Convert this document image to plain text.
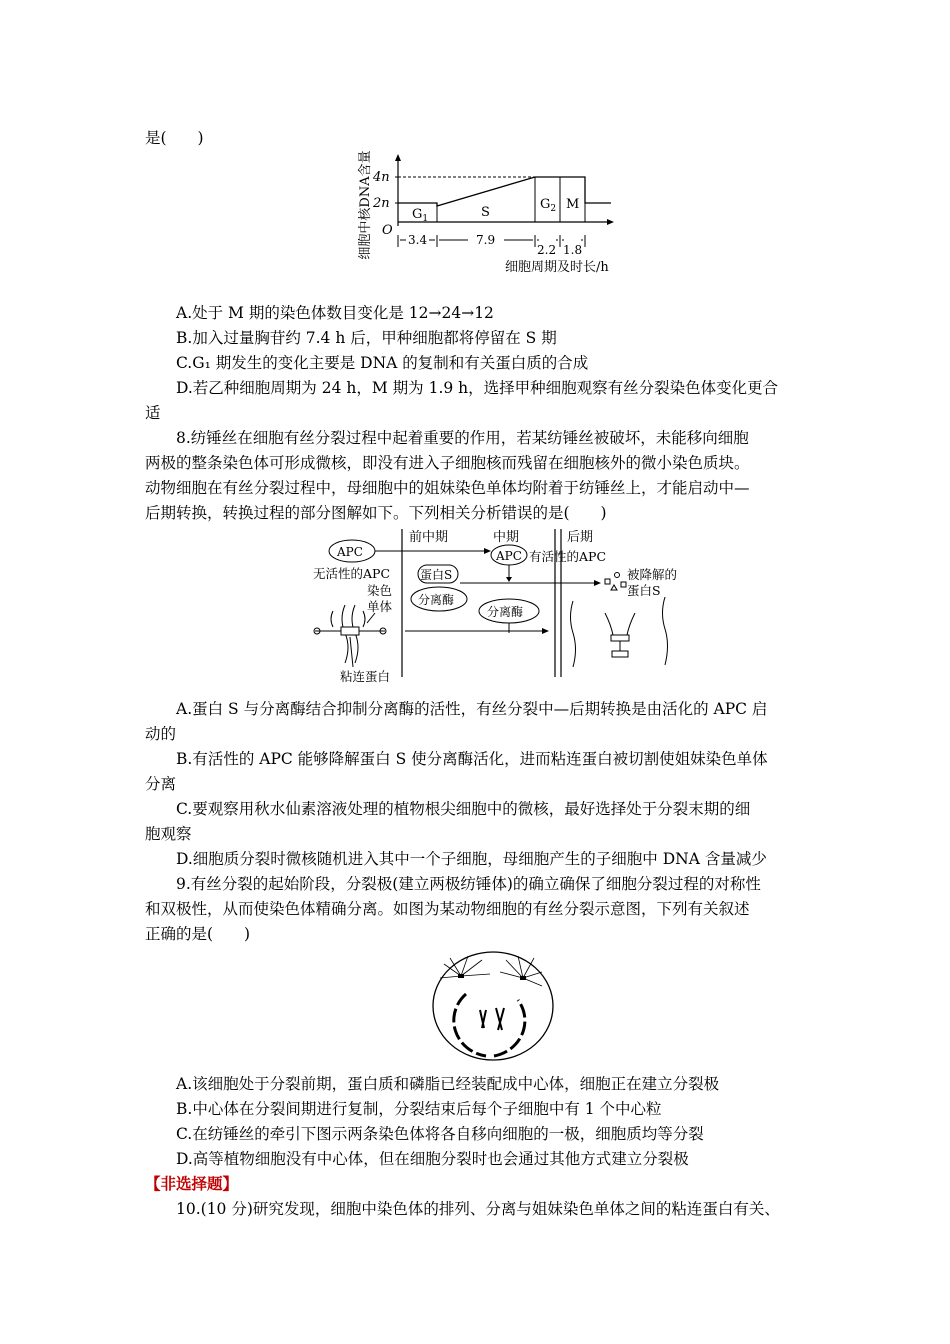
是(　　)
细胞中核DNA含量 4n
2n
O
$G_1$	S
$G_2$ M
3.4	7.9
2.2 1.8
细胞周期及时长/h
A.处于 M 期的染色体数目变化是 12→24→12
B.加入过量胸苷约 7.4 h 后，甲种细胞都将停留在 S 期
C.G₁ 期发生的变化主要是 DNA 的复制和有关蛋白质的合成
D.若乙种细胞周期为 24 h，M 期为 1.9 h，选择甲种细胞观察有丝分裂染色体变化更合
适
8.纺锤丝在细胞有丝分裂过程中起着重要的作用，若某纺锤丝被破坏，未能移向细胞
两极的整条染色体可形成微核，即没有进入子细胞核而残留在细胞核外的微小染色质块。
动物细胞在有丝分裂过程中，母细胞中的姐妹染色单体均附着于纺锤丝上，才能启动中—
后期转换，转换过程的部分图解如下。下列相关分析错误的是(　　)
前中期	中期	后期
APC
无活性的APC
APC 有活性的APC
蛋白S
分离酶
分离酶
被降解的
蛋白S
染色
单体
粘连蛋白
A.蛋白 S 与分离酶结合抑制分离酶的活性，有丝分裂中—后期转换是由活化的 APC 启
动的
B.有活性的 APC 能够降解蛋白 S 使分离酶活化，进而粘连蛋白被切割使姐妹染色单体
分离
C.要观察用秋水仙素溶液处理的植物根尖细胞中的微核，最好选择处于分裂末期的细
胞观察
D.细胞质分裂时微核随机进入其中一个子细胞，母细胞产生的子细胞中 DNA 含量减少
9.有丝分裂的起始阶段，分裂极(建立两极纺锤体)的确立确保了细胞分裂过程的对称性
和双极性，从而使染色体精确分离。如图为某动物细胞的有丝分裂示意图，下列有关叙述
正确的是(　　)
A.该细胞处于分裂前期，蛋白质和磷脂已经装配成中心体，细胞正在建立分裂极
B.中心体在分裂间期进行复制，分裂结束后每个子细胞中有 1 个中心粒
C.在纺锤丝的牵引下图示两条染色体将各自移向细胞的一极，细胞质均等分裂
D.高等植物细胞没有中心体，但在细胞分裂时也会通过其他方式建立分裂极
【非选择题】
10.(10 分)研究发现，细胞中染色体的排列、分离与姐妹染色单体之间的粘连蛋白有关、
